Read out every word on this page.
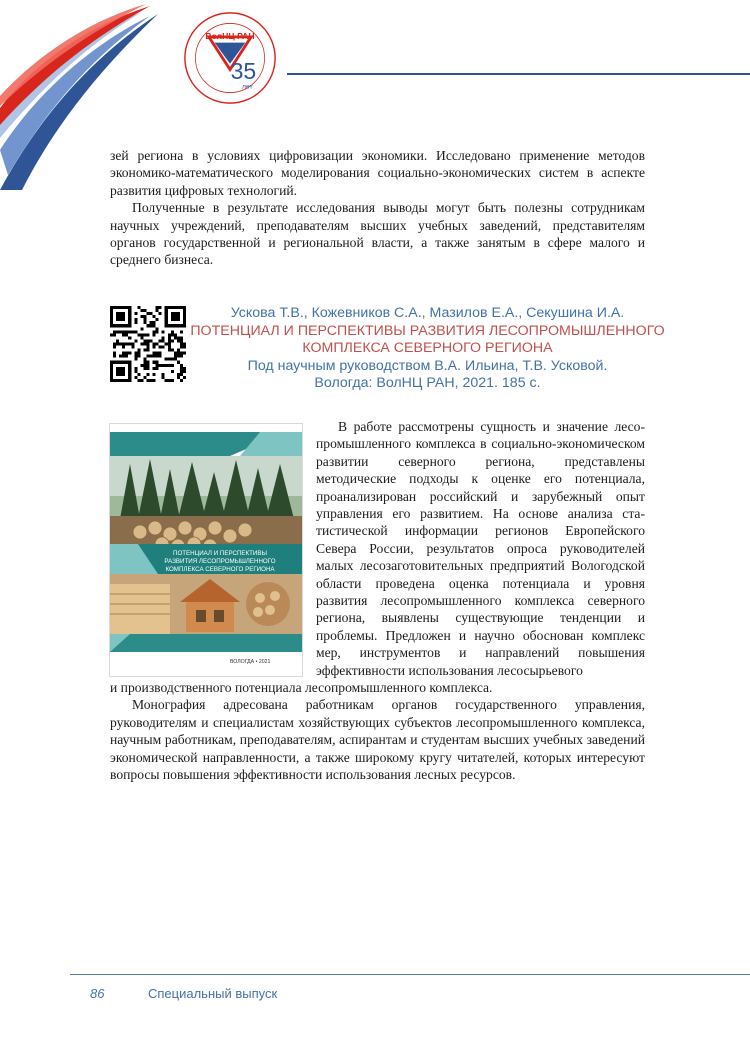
ВолНЦ РАН
35
лет

зей региона в условиях цифровизации экономики. Исследовано применение методов экономико-математического моделирования социально-экономических систем в аспекте развития цифровых технологий.

Полученные в результате исследования выводы могут быть полезны сотрудникам научных учреждений, преподавателям высших учебных заведений, представителям органов государственной и региональной власти, а также занятым в сфере малого и среднего бизнеса.

Ускова Т.В., Кожевников С.А., Мазилов Е.А., Секушина И.А.
ПОТЕНЦИАЛ И ПЕРСПЕКТИВЫ РАЗВИТИЯ ЛЕСОПРОМЫШЛЕННОГО
КОМПЛЕКСА СЕВЕРНОГО РЕГИОНА
Под научным руководством В.А. Ильина, Т.В. Усковой.
Вологда: ВолНЦ РАН, 2021. 185 с.
ПОТЕНЦИАЛ И ПЕРСПЕКТИВЫ
РАЗВИТИЯ ЛЕСОПРОМЫШЛЕННОГО
КОМПЛЕКСА СЕВЕРНОГО РЕГИОНА
ВОЛОГДА • 2021

В работе рассмотрены сущность и значение лесопромышленного комплекса в социально-экономическом развитии северного региона, представлены методические подходы к оценке его потенциала, проанализирован российский и зарубежный опыт управления его развитием. На основе анализа статистической информации регионов Европейского Севера России, результатов опроса руководителей малых лесозаготовительных предприятий Вологодской области проведена оценка потенциала и уровня развития лесопромышленного комплекса северного региона, выявлены существующие тенденции и проблемы. Предложен и научно обоснован комплекс мер, инструментов и направлений повышения эффективности использования лесосырьевого

и производственного потенциала лесопромышленного комплекса.

Монография адресована работникам органов государственного управления, руководителям и специалистам хозяйствующих субъектов лесопромышленного комплекса, научным работникам, преподавателям, аспирантам и студентам высших учебных заведений экономической направленности, а также широкому кругу читателей, которых интересуют вопросы повышения эффективности использования лесных ресурсов.

86	Специальный выпуск
